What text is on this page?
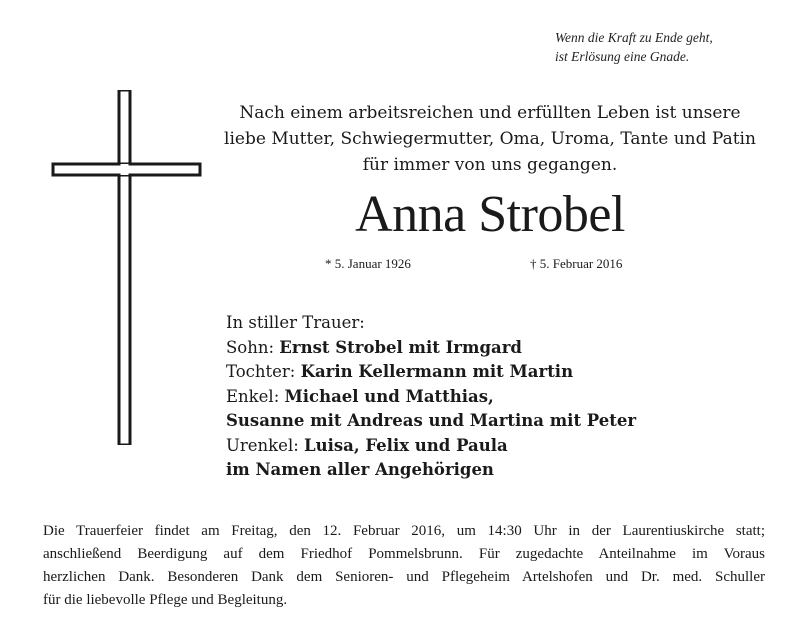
Wenn die Kraft zu Ende geht,
ist Erlösung eine Gnade.
Nach einem arbeitsreichen und erfüllten Leben ist unsere
liebe Mutter, Schwiegermutter, Oma, Uroma, Tante und Patin
für immer von uns gegangen.
Anna Strobel
* 5. Januar 1926	† 5. Februar 2016
In stiller Trauer:
Sohn: Ernst Strobel mit Irmgard
Tochter: Karin Kellermann mit Martin
Enkel: Michael und Matthias,
Susanne mit Andreas und Martina mit Peter
Urenkel: Luisa, Felix und Paula
im Namen aller Angehörigen
Die Trauerfeier findet am Freitag, den 12. Februar 2016, um 14:30 Uhr in der Laurentiuskirche statt;
anschließend Beerdigung auf dem Friedhof Pommelsbrunn. Für zugedachte Anteilnahme im Voraus
herzlichen Dank. Besonderen Dank dem Senioren- und Pflegeheim Artelshofen und Dr. med. Schuller
für die liebevolle Pflege und Begleitung.
